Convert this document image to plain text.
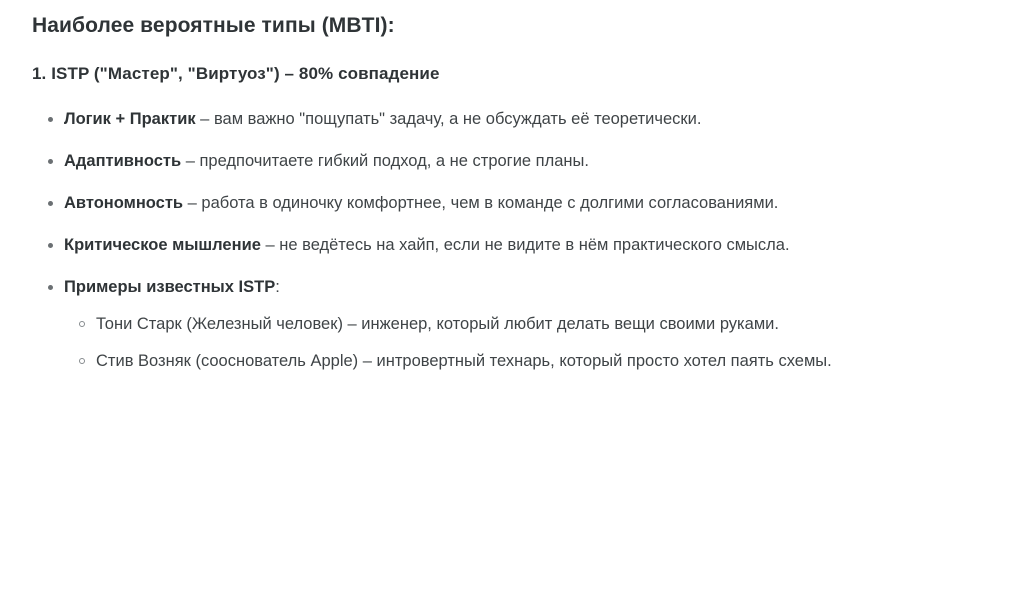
Наиболее вероятные типы (MBTI):
1. ISTP ("Мастер", "Виртуоз") – 80% совпадение
Логик + Практик – вам важно "пощупать" задачу, а не обсуждать её теоретически.
Адаптивность – предпочитаете гибкий подход, а не строгие планы.
Автономность – работа в одиночку комфортнее, чем в команде с долгими согласованиями.
Критическое мышление – не ведётесь на хайп, если не видите в нём практического смысла.
Примеры известных ISTP:
Тони Старк (Железный человек) – инженер, который любит делать вещи своими руками.
Стив Возняк (сооснователь Apple) – интровертный технарь, который просто хотел паять схемы.
